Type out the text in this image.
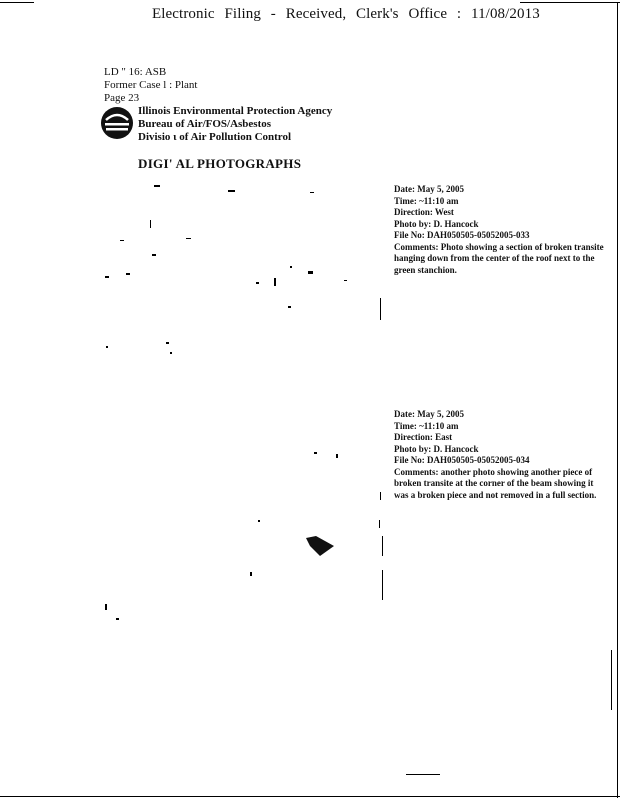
Electronic Filing - Received, Clerk's Office : 11/08/2013
LD " 16: ASB
Former Case l : Plant
Page 23
Illinois Environmental Protection Agency
Bureau of Air/FOS/Asbestos
Divisio ι of Air Pollution Control
DIGI' AL PHOTOGRAPHS
Date: May 5, 2005
Time: ~11:10 am
Direction: West
Photo by: D. Hancock
File No: DAH050505-05052005-033
Comments: Photo showing a section of broken transite hanging down from the center of the roof next to the green stanchion.
Date: May 5, 2005
Time: ~11:10 am
Direction: East
Photo by: D. Hancock
File No: DAH050505-05052005-034
Comments: another photo showing another piece of broken transite at the corner of the beam showing it was a broken piece and not removed in a full section.
